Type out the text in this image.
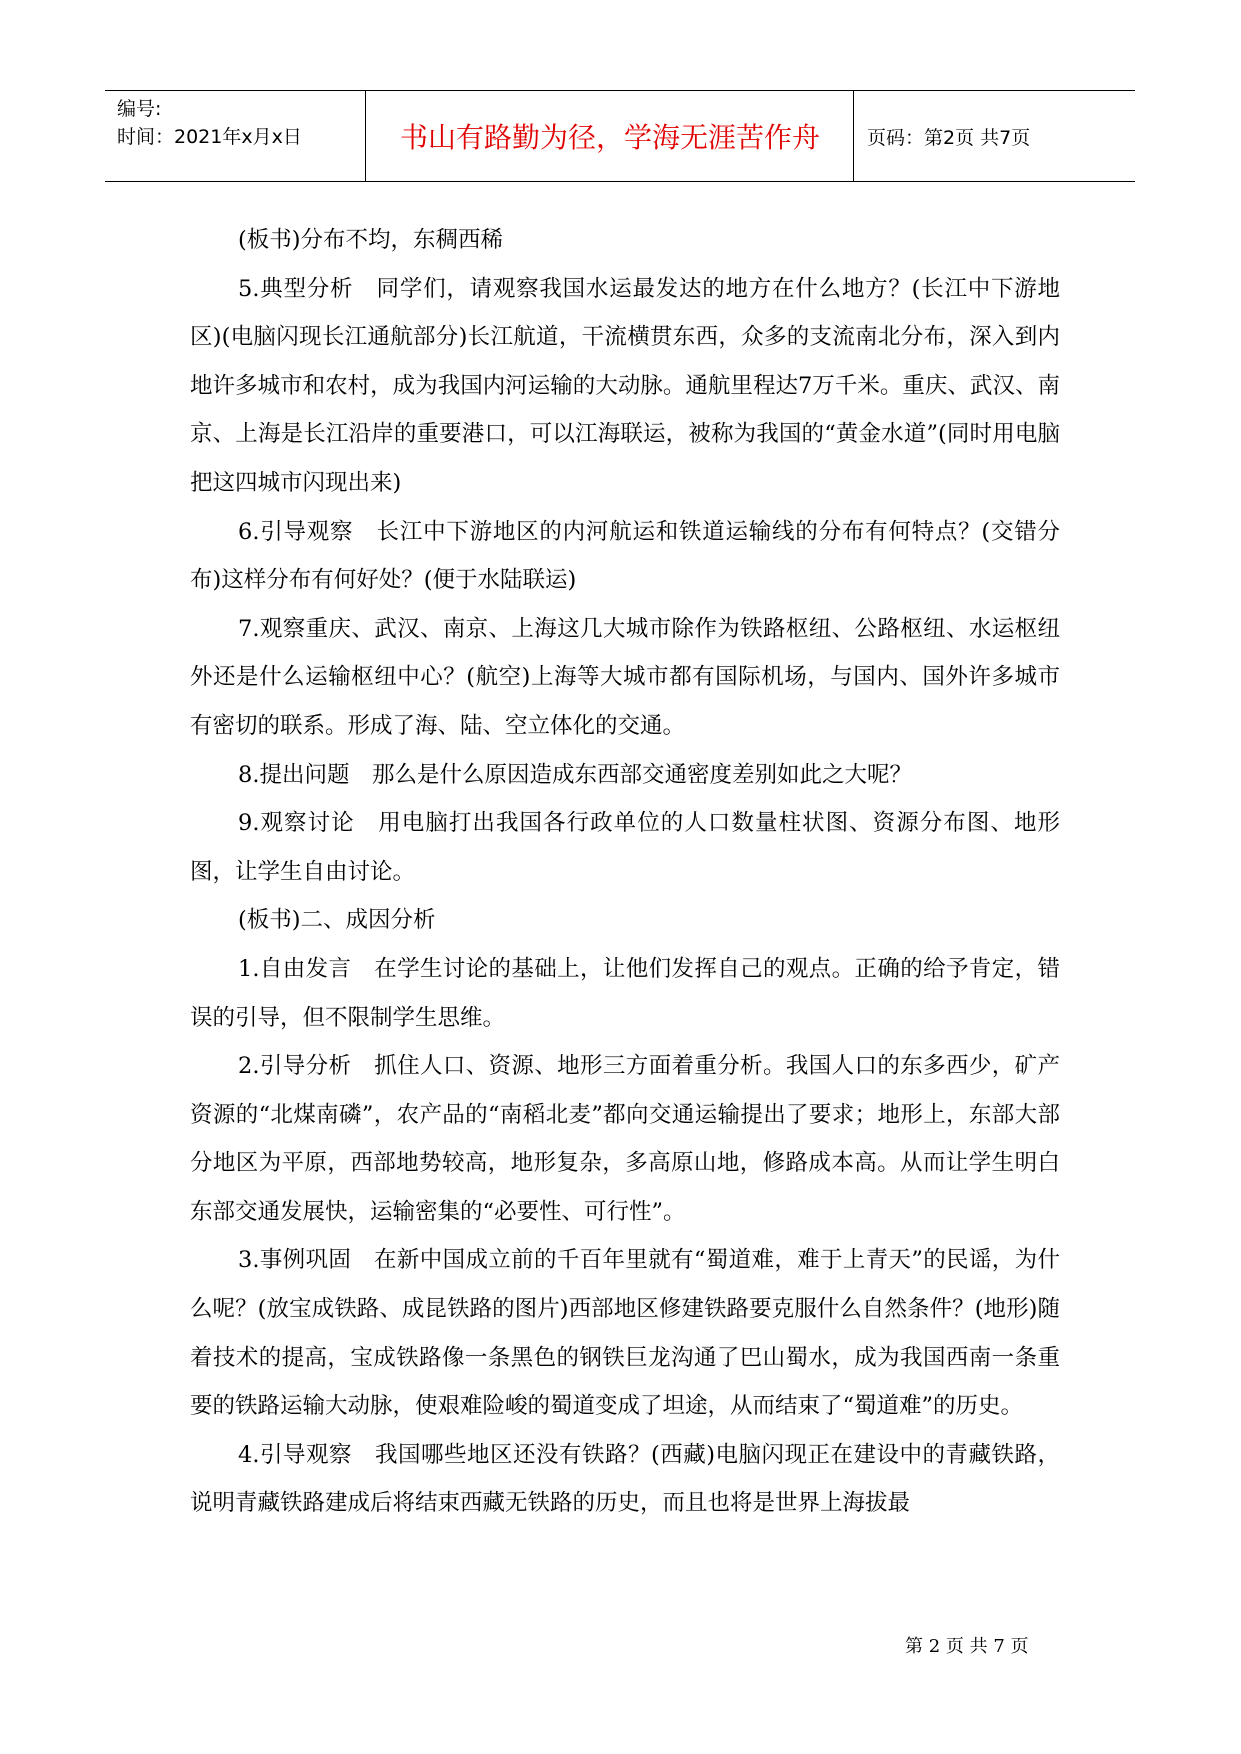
编号:
时间：2021年x月x日	书山有路勤为径，学海无涯苦作舟	页码：第2页 共7页

(板书)分布不均，东稠西稀

5.典型分析　同学们，请观察我国水运最发达的地方在什么地方？(长江中下游地区)(电脑闪现长江通航部分)长江航道，干流横贯东西，众多的支流南北分布，深入到内地许多城市和农村，成为我国内河运输的大动脉。通航里程达7万千米。重庆、武汉、南京、上海是长江沿岸的重要港口，可以江海联运，被称为我国的“黄金水道”(同时用电脑把这四城市闪现出来)

6.引导观察　长江中下游地区的内河航运和铁道运输线的分布有何特点？(交错分布)这样分布有何好处？(便于水陆联运)

7.观察重庆、武汉、南京、上海这几大城市除作为铁路枢纽、公路枢纽、水运枢纽外还是什么运输枢纽中心？(航空)上海等大城市都有国际机场，与国内、国外许多城市有密切的联系。形成了海、陆、空立体化的交通。

8.提出问题　那么是什么原因造成东西部交通密度差别如此之大呢？

9.观察讨论　用电脑打出我国各行政单位的人口数量柱状图、资源分布图、地形图，让学生自由讨论。

(板书)二、成因分析

1.自由发言　在学生讨论的基础上，让他们发挥自己的观点。正确的给予肯定，错误的引导，但不限制学生思维。

2.引导分析　抓住人口、资源、地形三方面着重分析。我国人口的东多西少，矿产资源的“北煤南磷”，农产品的“南稻北麦”都向交通运输提出了要求；地形上，东部大部分地区为平原，西部地势较高，地形复杂，多高原山地，修路成本高。从而让学生明白东部交通发展快，运输密集的“必要性、可行性”。

3.事例巩固　在新中国成立前的千百年里就有“蜀道难，难于上青天”的民谣，为什么呢？(放宝成铁路、成昆铁路的图片)西部地区修建铁路要克服什么自然条件？(地形)随着技术的提高，宝成铁路像一条黑色的钢铁巨龙沟通了巴山蜀水，成为我国西南一条重要的铁路运输大动脉，使艰难险峻的蜀道变成了坦途，从而结束了“蜀道难”的历史。

4.引导观察　我国哪些地区还没有铁路？(西藏)电脑闪现正在建设中的青藏铁路，说明青藏铁路建成后将结束西藏无铁路的历史，而且也将是世界上海拔最

第 2 页 共 7 页
